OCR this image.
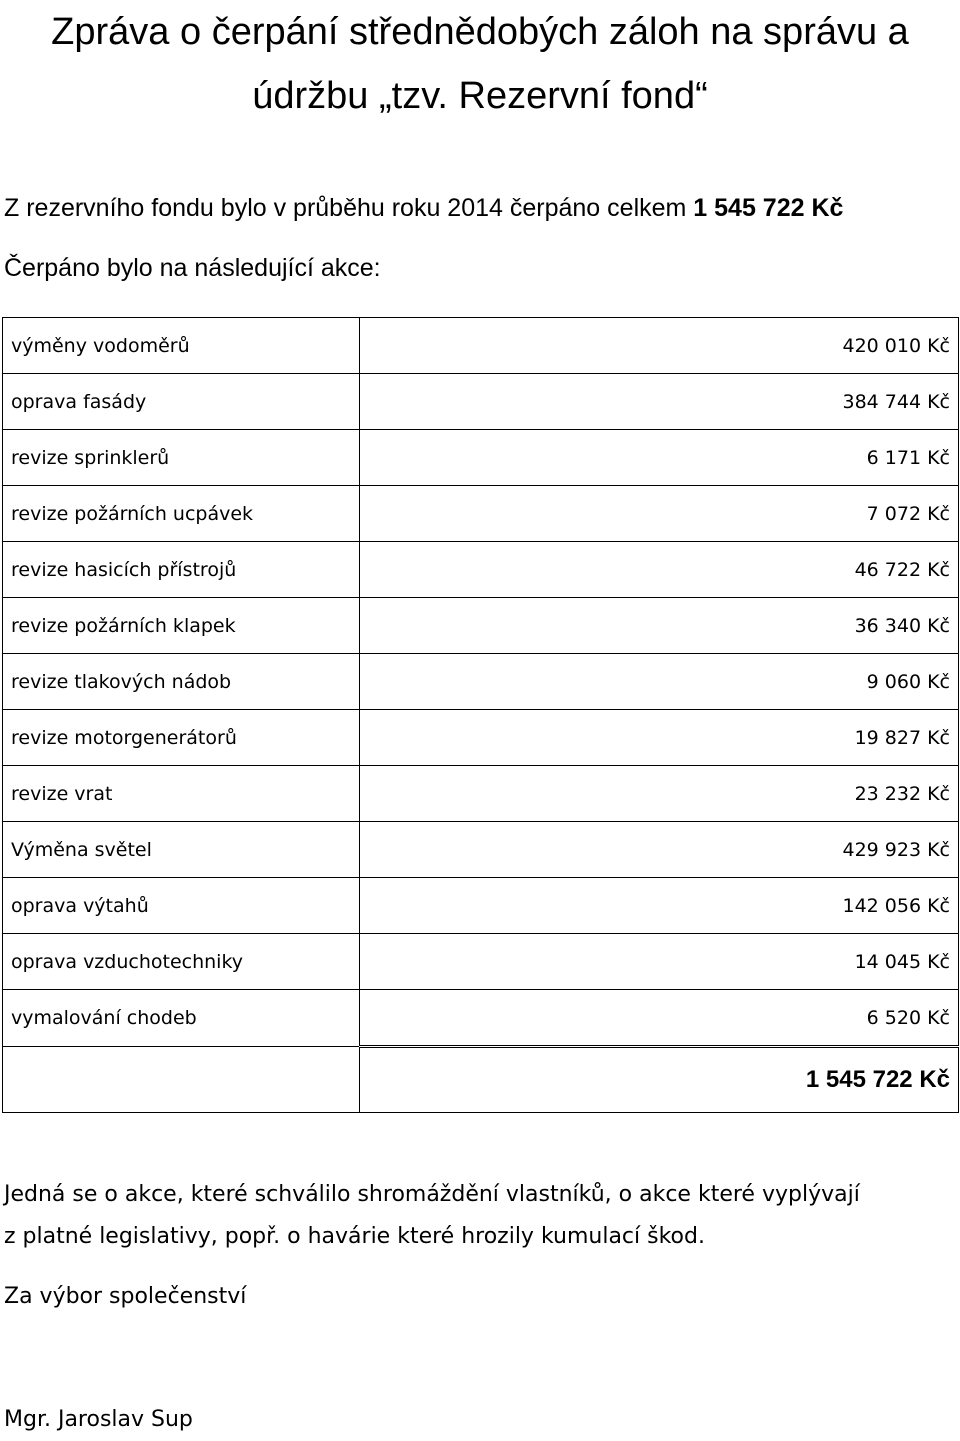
Zpráva o čerpání střednědobých záloh na správu a
údržbu „tzv. Rezervní fond“
Z rezervního fondu bylo v průběhu roku 2014 čerpáno celkem 1 545 722 Kč
Čerpáno bylo na následující akce:
výměny vodoměrů	420 010 Kč
oprava fasády	384 744 Kč
revize sprinklerů	6 171 Kč
revize požárních ucpávek	7 072 Kč
revize hasicích přístrojů	46 722 Kč
revize požárních klapek	36 340 Kč
revize tlakových nádob	9 060 Kč
revize motorgenerátorů	19 827 Kč
revize vrat	23 232 Kč
Výměna světel	429 923 Kč
oprava výtahů	142 056 Kč
oprava vzduchotechniky	14 045 Kč
vymalování chodeb	6 520 Kč
	1 545 722 Kč
Jedná se o akce, které schválilo shromáždění vlastníků, o akce které vyplývají
z platné legislativy, popř. o havárie které hrozily kumulací škod.
Za výbor společenství
Mgr. Jaroslav Sup
